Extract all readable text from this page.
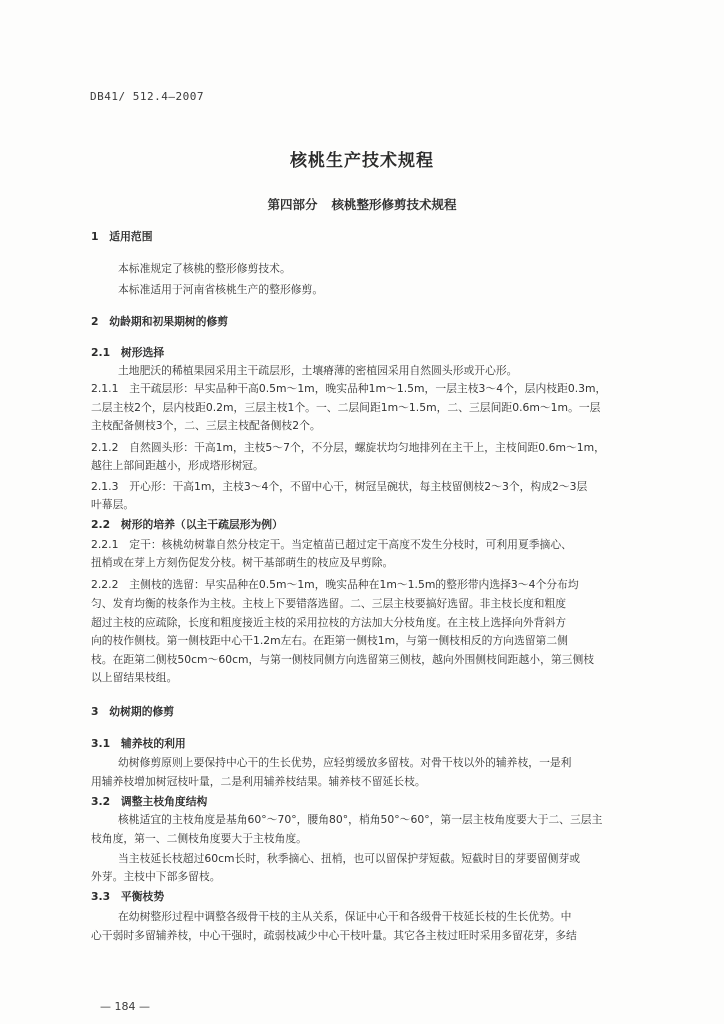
DB41/ 512.4—2007
核桃生产技术规程
第四部分 核桃整形修剪技术规程
1　适用范围
本标准规定了核桃的整形修剪技术。
本标准适用于河南省核桃生产的整形修剪。
2　幼龄期和初果期树的修剪
2.1　树形选择
土地肥沃的稀植果园采用主干疏层形，土壤瘠薄的密植园采用自然圆头形或开心形。
2.1.1　主干疏层形：早实品种干高0.5m～1m，晚实品种1m～1.5m，一层主枝3～4个，层内枝距0.3m，
二层主枝2个，层内枝距0.2m，三层主枝1个。一、二层间距1m～1.5m，二、三层间距0.6m～1m。一层
主枝配备侧枝3个，二、三层主枝配备侧枝2个。
2.1.2　自然圆头形：干高1m，主枝5～7个，不分层，螺旋状均匀地排列在主干上，主枝间距0.6m～1m，
越往上部间距越小，形成塔形树冠。
2.1.3　开心形：干高1m，主枝3～4个，不留中心干，树冠呈碗状，每主枝留侧枝2～3个，构成2～3层
叶幕层。
2.2　树形的培养（以主干疏层形为例）
2.2.1　定干：核桃幼树靠自然分枝定干。当定植苗已超过定干高度不发生分枝时，可利用夏季摘心、
扭梢或在芽上方刻伤促发分枝。树干基部萌生的枝应及早剪除。
2.2.2　主侧枝的选留：早实品种在0.5m～1m，晚实品种在1m～1.5m的整形带内选择3～4个分布均
匀、发育均衡的枝条作为主枝。主枝上下要错落选留。二、三层主枝要搞好选留。非主枝长度和粗度
超过主枝的应疏除，长度和粗度接近主枝的采用拉枝的方法加大分枝角度。在主枝上选择向外背斜方
向的枝作侧枝。第一侧枝距中心干1.2m左右。在距第一侧枝1m，与第一侧枝相反的方向选留第二侧
枝。在距第二侧枝50cm～60cm，与第一侧枝同侧方向选留第三侧枝，越向外围侧枝间距越小，第三侧枝
以上留结果枝组。
3　幼树期的修剪
3.1　辅养枝的利用
幼树修剪原则上要保持中心干的生长优势，应轻剪缓放多留枝。对骨干枝以外的辅养枝，一是利
用辅养枝增加树冠枝叶量，二是利用辅养枝结果。辅养枝不留延长枝。
3.2　调整主枝角度结构
核桃适宜的主枝角度是基角60°～70°，腰角80°，梢角50°～60°，第一层主枝角度要大于二、三层主
枝角度，第一、二侧枝角度要大于主枝角度。
当主枝延长枝超过60cm长时，秋季摘心、扭梢，也可以留保护芽短截。短截时目的芽要留侧芽或
外芽。主枝中下部多留枝。
3.3　平衡枝势
在幼树整形过程中调整各级骨干枝的主从关系，保证中心干和各级骨干枝延长枝的生长优势。中
心干弱时多留辅养枝，中心干强时，疏弱枝减少中心干枝叶量。其它各主枝过旺时采用多留花芽，多结
— 184 —
